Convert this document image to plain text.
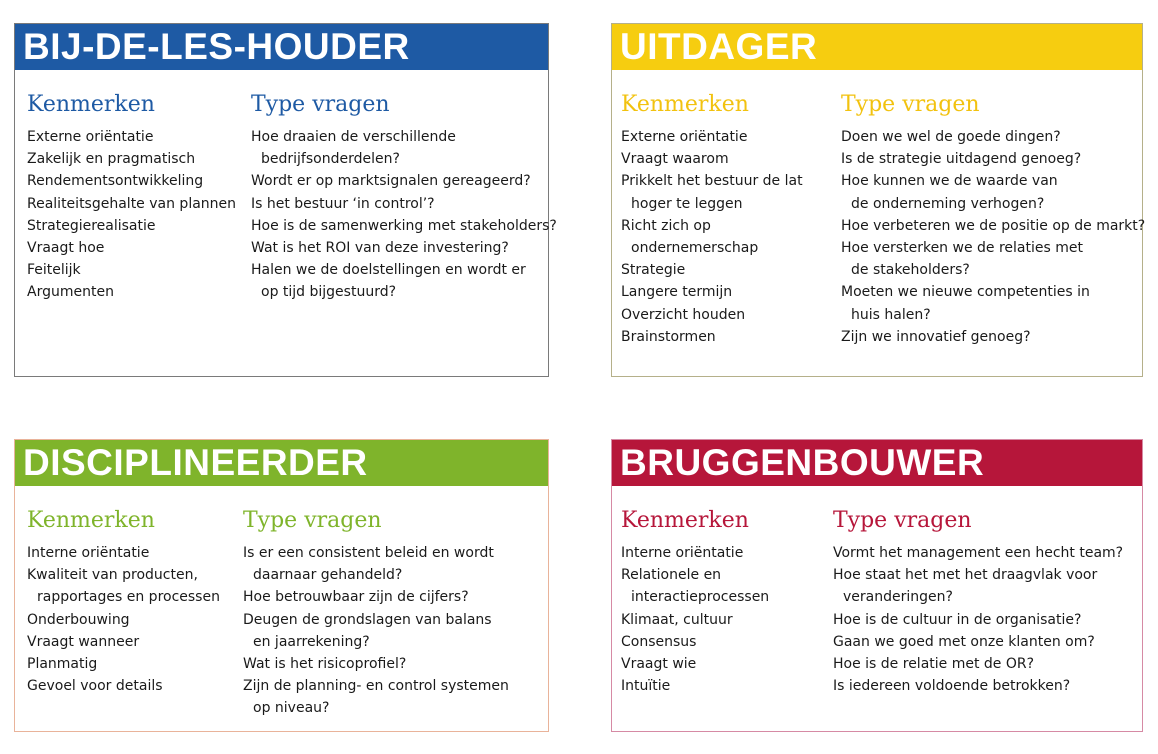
BIJ-DE-LES-HOUDER
Kenmerken
Externe oriëntatie
Zakelijk en pragmatisch
Rendementsontwikkeling
Realiteitsgehalte van plannen
Strategierealisatie
Vraagt hoe
Feitelijk
Argumenten
Type vragen
Hoe draaien de verschillende
bedrijfsonderdelen?
Wordt er op marktsignalen gereageerd?
Is het bestuur ‘in control’?
Hoe is de samenwerking met stakeholders?
Wat is het ROI van deze investering?
Halen we de doelstellingen en wordt er
op tijd bijgestuurd?
UITDAGER
Kenmerken
Externe oriëntatie
Vraagt waarom
Prikkelt het bestuur de lat
hoger te leggen
Richt zich op
ondernemerschap
Strategie
Langere termijn
Overzicht houden
Brainstormen
Type vragen
Doen we wel de goede dingen?
Is de strategie uitdagend genoeg?
Hoe kunnen we de waarde van
de onderneming verhogen?
Hoe verbeteren we de positie op de markt?
Hoe versterken we de relaties met
de stakeholders?
Moeten we nieuwe competenties in
huis halen?
Zijn we innovatief genoeg?
DISCIPLINEERDER
Kenmerken
Interne oriëntatie
Kwaliteit van producten,
rapportages en processen
Onderbouwing
Vraagt wanneer
Planmatig
Gevoel voor details
Type vragen
Is er een consistent beleid en wordt
daarnaar gehandeld?
Hoe betrouwbaar zijn de cijfers?
Deugen de grondslagen van balans
en jaarrekening?
Wat is het risicoprofiel?
Zijn de planning- en control systemen
op niveau?
BRUGGENBOUWER
Kenmerken
Interne oriëntatie
Relationele en
interactieprocessen
Klimaat, cultuur
Consensus
Vraagt wie
Intuïtie
Type vragen
Vormt het management een hecht team?
Hoe staat het met het draagvlak voor
veranderingen?
Hoe is de cultuur in de organisatie?
Gaan we goed met onze klanten om?
Hoe is de relatie met de OR?
Is iedereen voldoende betrokken?
